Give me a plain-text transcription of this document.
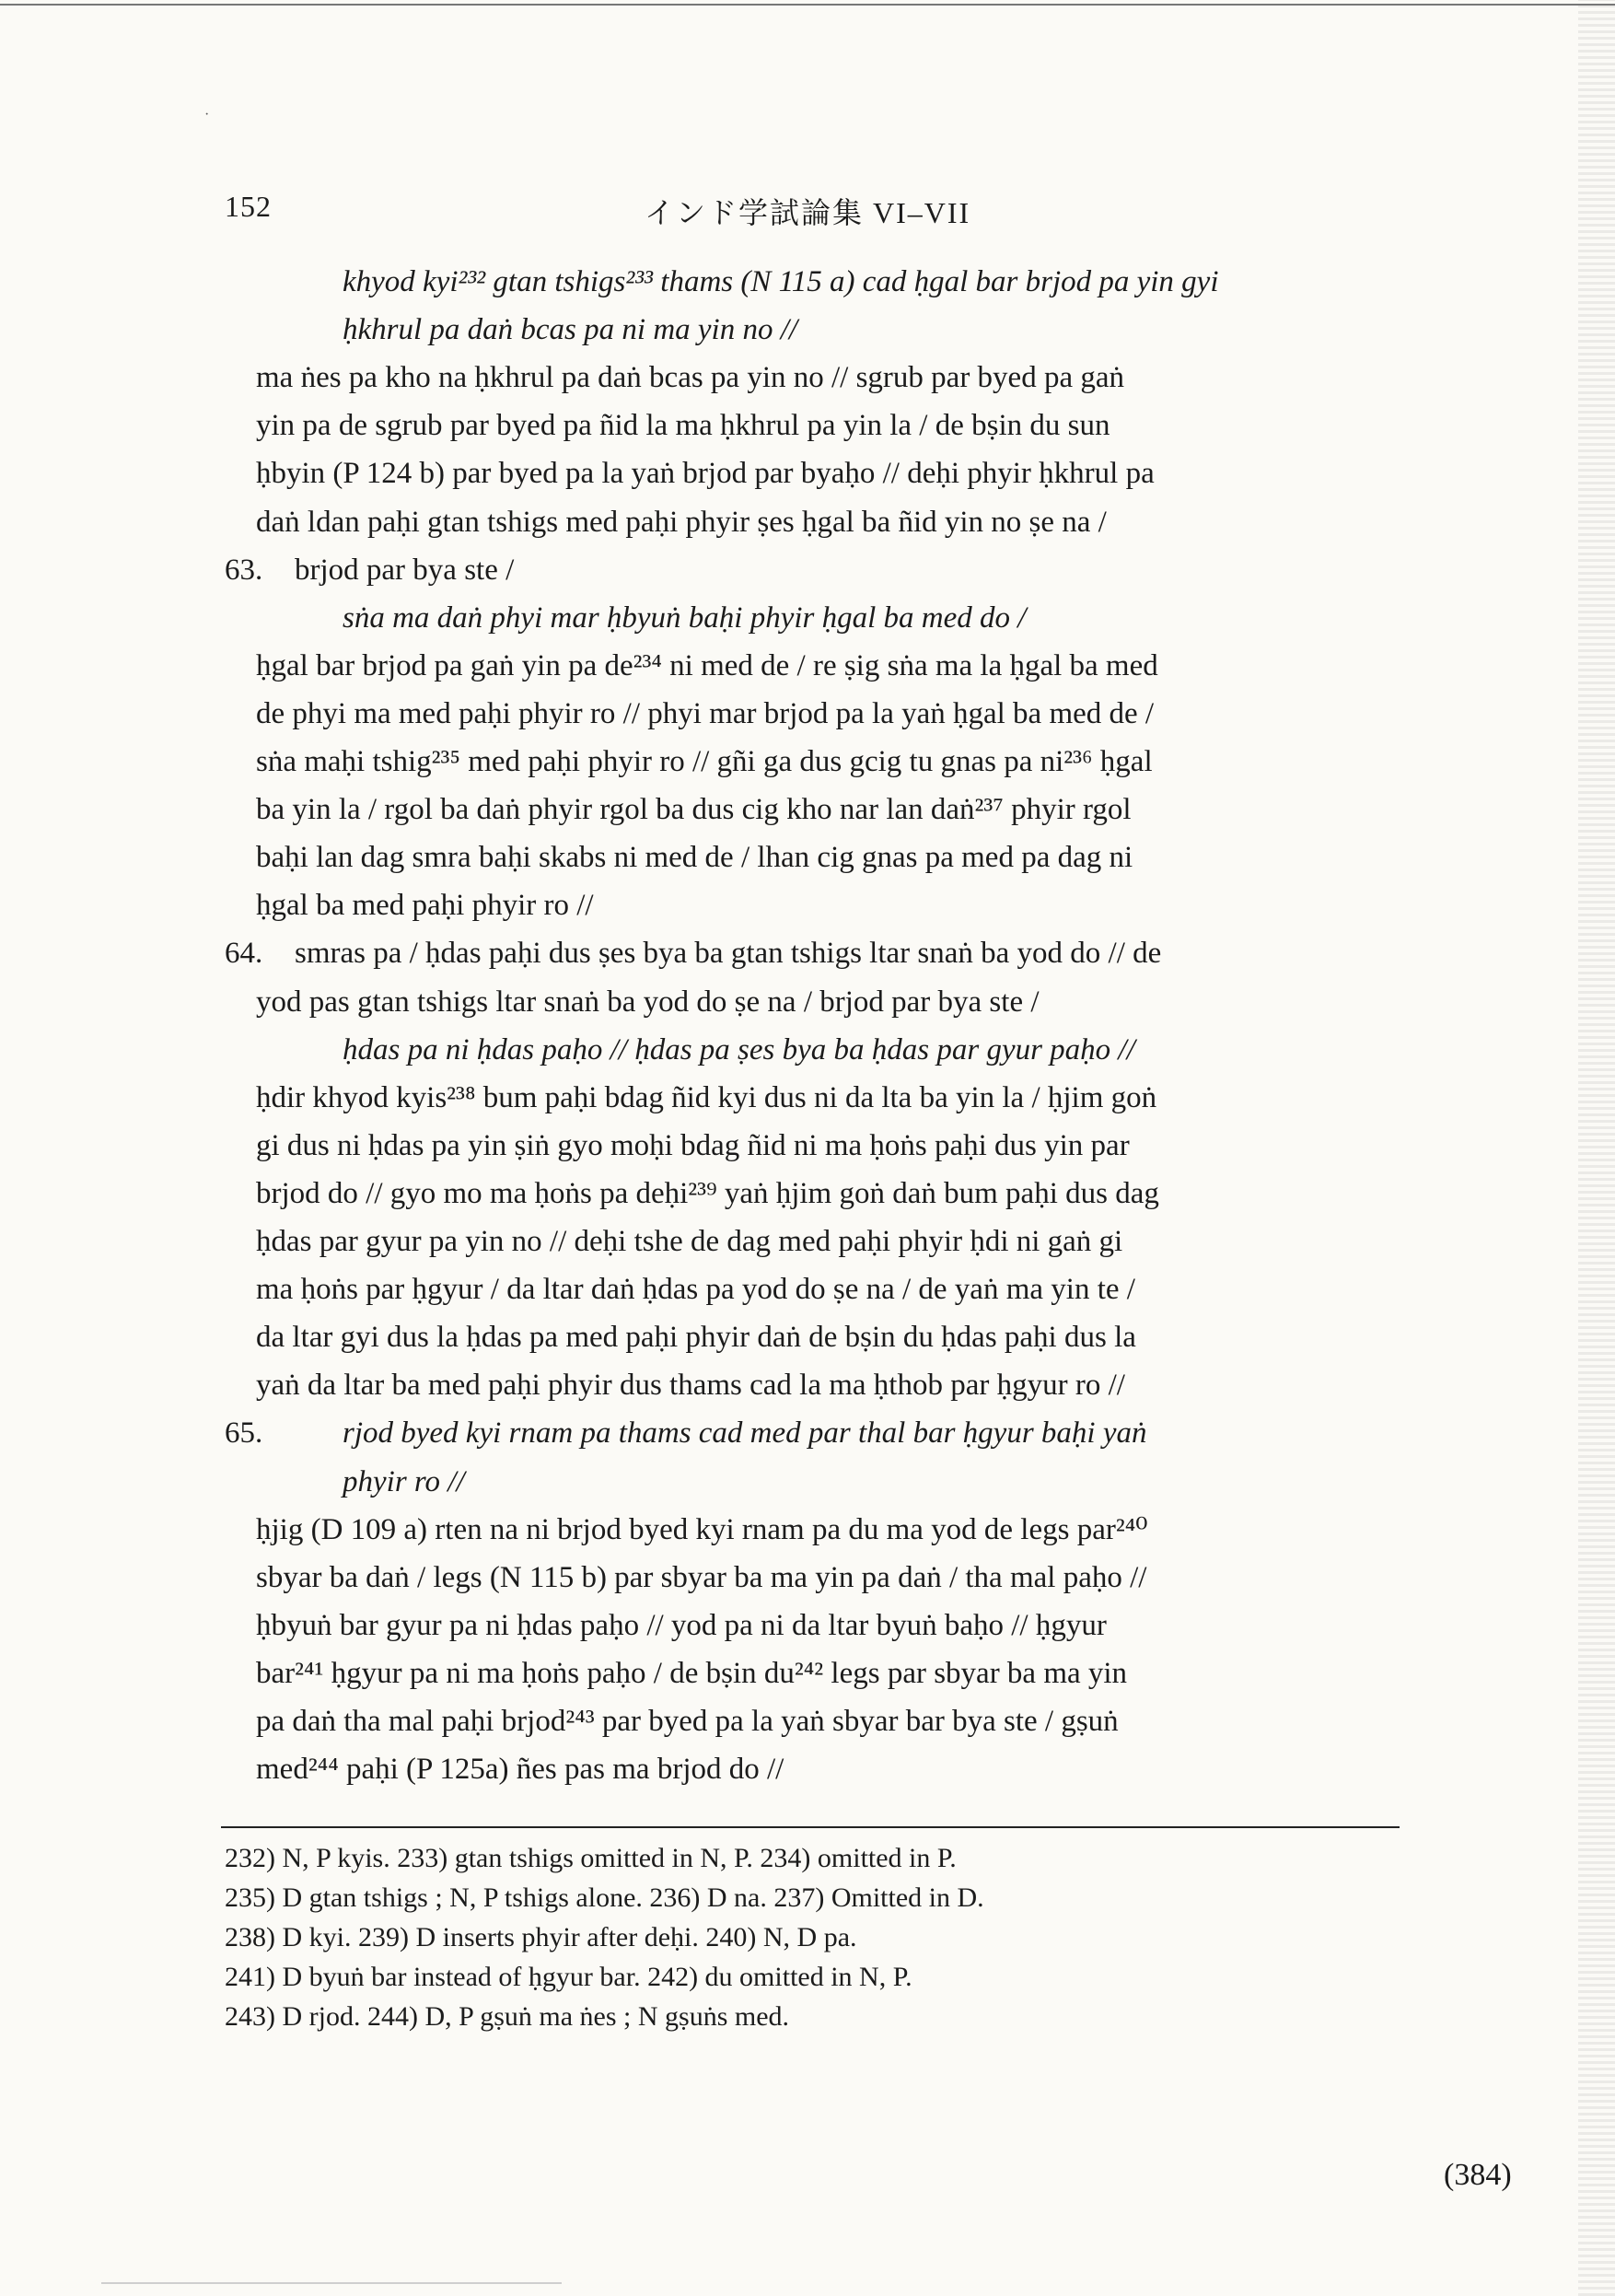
·
152	インド学試論集 VI–VII
khyod kyi²³² gtan tshigs²³³ thams (N 115 a) cad ḥgal bar brjod pa yin gyi
ḥkhrul pa daṅ bcas pa ni ma yin no //
ma ṅes pa kho na ḥkhrul pa daṅ bcas pa yin no // sgrub par byed pa gaṅ
yin pa de sgrub par byed pa ñid la ma ḥkhrul pa yin la / de bṣin du sun
ḥbyin (P 124 b) par byed pa la yaṅ brjod par byaḥo // deḥi phyir ḥkhrul pa
daṅ ldan paḥi gtan tshigs med paḥi phyir ṣes ḥgal ba ñid yin no ṣe na /
63. brjod par bya ste /
sṅa ma daṅ phyi mar ḥbyuṅ baḥi phyir ḥgal ba med do /
ḥgal bar brjod pa gaṅ yin pa de²³⁴ ni med de / re ṣig sṅa ma la ḥgal ba med
de phyi ma med paḥi phyir ro // phyi mar brjod pa la yaṅ ḥgal ba med de /
sṅa maḥi tshig²³⁵ med paḥi phyir ro // gñi ga dus gcig tu gnas pa ni²³⁶ ḥgal
ba yin la / rgol ba daṅ phyir rgol ba dus cig kho nar lan daṅ²³⁷ phyir rgol
baḥi lan dag smra baḥi skabs ni med de / lhan cig gnas pa med pa dag ni
ḥgal ba med paḥi phyir ro //
64. smras pa / ḥdas paḥi dus ṣes bya ba gtan tshigs ltar snaṅ ba yod do // de
yod pas gtan tshigs ltar snaṅ ba yod do ṣe na / brjod par bya ste /
ḥdas pa ni ḥdas paḥo // ḥdas pa ṣes bya ba ḥdas par gyur paḥo //
ḥdir khyod kyis²³⁸ bum paḥi bdag ñid kyi dus ni da lta ba yin la / ḥjim goṅ
gi dus ni ḥdas pa yin ṣiṅ gyo moḥi bdag ñid ni ma ḥoṅs paḥi dus yin par
brjod do // gyo mo ma ḥoṅs pa deḥi²³⁹ yaṅ ḥjim goṅ daṅ bum paḥi dus dag
ḥdas par gyur pa yin no // deḥi tshe de dag med paḥi phyir ḥdi ni gaṅ gi
ma ḥoṅs par ḥgyur / da ltar daṅ ḥdas pa yod do ṣe na / de yaṅ ma yin te /
da ltar gyi dus la ḥdas pa med paḥi phyir daṅ de bṣin du ḥdas paḥi dus la
yaṅ da ltar ba med paḥi phyir dus thams cad la ma ḥthob par ḥgyur ro //
65.	rjod byed kyi rnam pa thams cad med par thal bar ḥgyur baḥi yaṅ
phyir ro //
ḥjig (D 109 a) rten na ni brjod byed kyi rnam pa du ma yod de legs par²⁴⁰
sbyar ba daṅ / legs (N 115 b) par sbyar ba ma yin pa daṅ / tha mal paḥo //
ḥbyuṅ bar gyur pa ni ḥdas paḥo // yod pa ni da ltar byuṅ baḥo // ḥgyur
bar²⁴¹ ḥgyur pa ni ma ḥoṅs paḥo / de bṣin du²⁴² legs par sbyar ba ma yin
pa daṅ tha mal paḥi brjod²⁴³ par byed pa la yaṅ sbyar bar bya ste / gṣuṅ
med²⁴⁴ paḥi (P 125a) ñes pas ma brjod do //
232) N, P kyis. 233) gtan tshigs omitted in N, P. 234) omitted in P.
235) D gtan tshigs ; N, P tshigs alone. 236) D na. 237) Omitted in D.
238) D kyi. 239) D inserts phyir after deḥi. 240) N, D pa.
241) D byuṅ bar instead of ḥgyur bar. 242) du omitted in N, P.
243) D rjod. 244) D, P gṣuṅ ma ṅes ; N gṣuṅs med.
(384)
